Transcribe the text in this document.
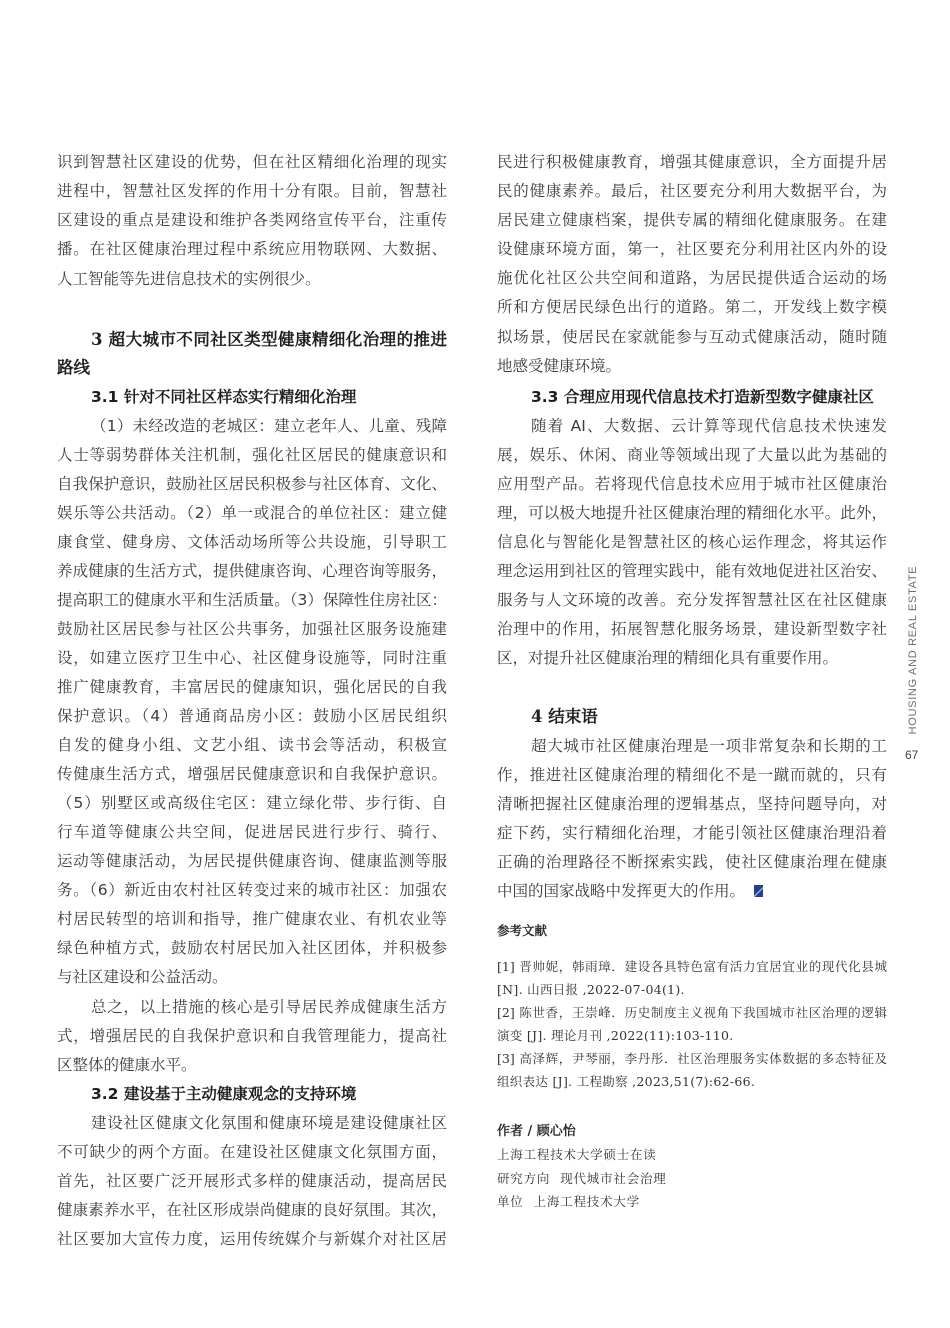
识到智慧社区建设的优势，但在社区精细化治理的现实
进程中，智慧社区发挥的作用十分有限。目前，智慧社
区建设的重点是建设和维护各类网络宣传平台，注重传
播。在社区健康治理过程中系统应用物联网、大数据、
人工智能等先进信息技术的实例很少。
3 超大城市不同社区类型健康精细化治理的推进
路线
3.1 针对不同社区样态实行精细化治理
（1）未经改造的老城区：建立老年人、儿童、残障
人士等弱势群体关注机制，强化社区居民的健康意识和
自我保护意识，鼓励社区居民积极参与社区体育、文化、
娱乐等公共活动。（2）单一或混合的单位社区：建立健
康食堂、健身房、文体活动场所等公共设施，引导职工
养成健康的生活方式，提供健康咨询、心理咨询等服务，
提高职工的健康水平和生活质量。（3）保障性住房社区：
鼓励社区居民参与社区公共事务，加强社区服务设施建
设，如建立医疗卫生中心、社区健身设施等，同时注重
推广健康教育，丰富居民的健康知识，强化居民的自我
保护意识。（4）普通商品房小区：鼓励小区居民组织
自发的健身小组、文艺小组、读书会等活动，积极宣
传健康生活方式，增强居民健康意识和自我保护意识。
（5）别墅区或高级住宅区：建立绿化带、步行街、自
行车道等健康公共空间，促进居民进行步行、骑行、
运动等健康活动，为居民提供健康咨询、健康监测等服
务。（6）新近由农村社区转变过来的城市社区：加强农
村居民转型的培训和指导，推广健康农业、有机农业等
绿色种植方式，鼓励农村居民加入社区团体，并积极参
与社区建设和公益活动。
总之，以上措施的核心是引导居民养成健康生活方
式，增强居民的自我保护意识和自我管理能力，提高社
区整体的健康水平。
3.2 建设基于主动健康观念的支持环境
建设社区健康文化氛围和健康环境是建设健康社区
不可缺少的两个方面。在建设社区健康文化氛围方面，
首先，社区要广泛开展形式多样的健康活动，提高居民
健康素养水平，在社区形成崇尚健康的良好氛围。其次，
社区要加大宣传力度，运用传统媒介与新媒介对社区居
民进行积极健康教育，增强其健康意识，全方面提升居
民的健康素养。最后，社区要充分利用大数据平台，为
居民建立健康档案，提供专属的精细化健康服务。在建
设健康环境方面，第一，社区要充分利用社区内外的设
施优化社区公共空间和道路，为居民提供适合运动的场
所和方便居民绿色出行的道路。第二，开发线上数字模
拟场景，使居民在家就能参与互动式健康活动，随时随
地感受健康环境。
3.3 合理应用现代信息技术打造新型数字健康社区
随着 AI、大数据、云计算等现代信息技术快速发
展，娱乐、休闲、商业等领域出现了大量以此为基础的
应用型产品。若将现代信息技术应用于城市社区健康治
理，可以极大地提升社区健康治理的精细化水平。此外，
信息化与智能化是智慧社区的核心运作理念，将其运作
理念运用到社区的管理实践中，能有效地促进社区治安、
服务与人文环境的改善。充分发挥智慧社区在社区健康
治理中的作用，拓展智慧化服务场景，建设新型数字社
区，对提升社区健康治理的精细化具有重要作用。
4 结束语
超大城市社区健康治理是一项非常复杂和长期的工
作，推进社区健康治理的精细化不是一蹴而就的，只有
清晰把握社区健康治理的逻辑基点，坚持问题导向，对
症下药，实行精细化治理，才能引领社区健康治理沿着
正确的治理路径不断探索实践，使社区健康治理在健康
中国的国家战略中发挥更大的作用。
参考文献
[1] 晋帅妮，韩雨璋．建设各具特色富有活力宜居宜业的现代化县城
[N]. 山西日报 ,2022-07-04(1).
[2] 陈世香，王崇峰．历史制度主义视角下我国城市社区治理的逻辑
演变 [J]. 理论月刊 ,2022(11):103-110.
[3] 高泽辉，尹琴丽，李丹彤．社区治理服务实体数据的多态特征及
组织表达 [J]. 工程勘察 ,2023,51(7):62-66.
作者 / 顾心怡
上海工程技术大学硕士在读
研究方向 现代城市社会治理
单位 上海工程技术大学
HOUSING AND REAL ESTATE
67
